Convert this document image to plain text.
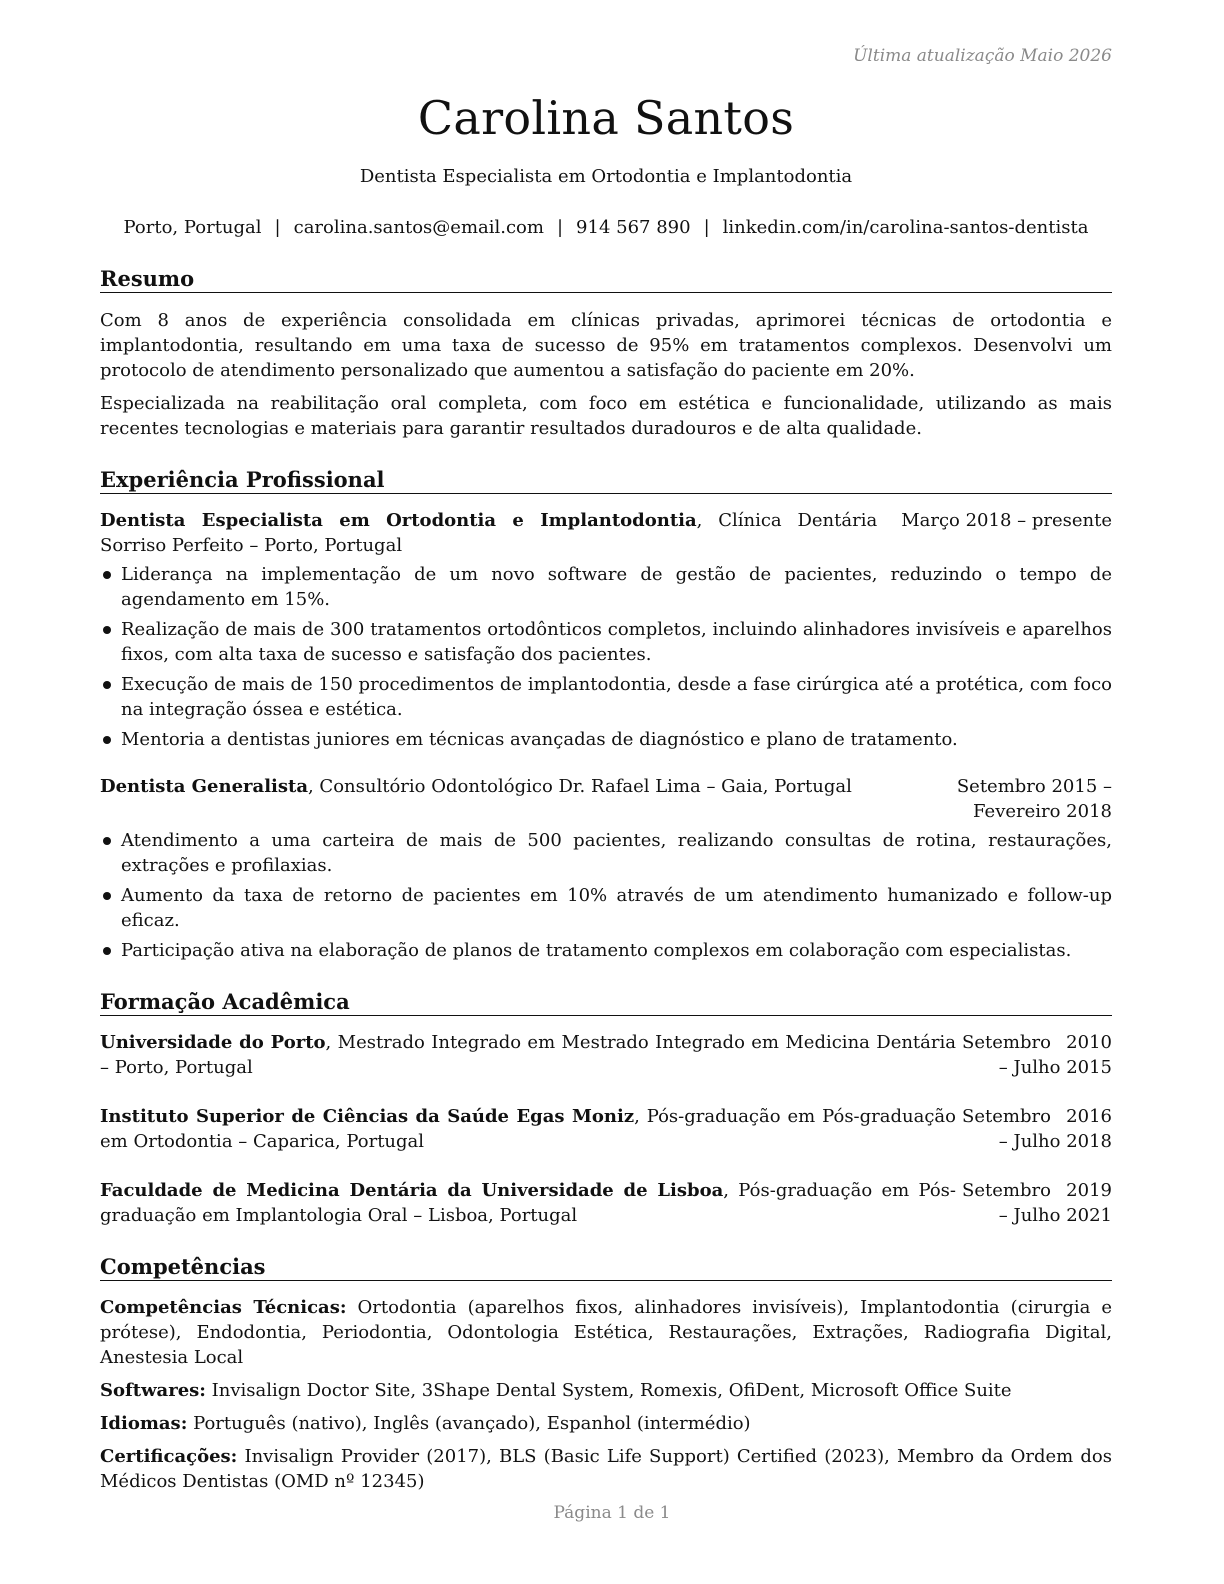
Última atualização Maio 2026
Carolina Santos
Dentista Especialista em Ortodontia e Implantodontia
Porto, Portugal | carolina.santos@email.com | 914 567 890 | linkedin.com/in/carolina-santos-dentista
Resumo
Com 8 anos de experiência consolidada em clínicas privadas, aprimorei técnicas de ortodontia e implantodontia, resultando em uma taxa de sucesso de 95% em tratamentos complexos. Desenvolvi um protocolo de atendimento personalizado que aumentou a satisfação do paciente em 20%.
Especializada na reabilitação oral completa, com foco em estética e funcionalidade, utilizando as mais recentes tecnologias e materiais para garantir resultados duradouros e de alta qualidade.
Experiência Profissional
Dentista Especialista em Ortodontia e Implantodontia, Clínica Dentária Sorriso Perfeito – Porto, Portugal
Março 2018 – presente
Liderança na implementação de um novo software de gestão de pacientes, reduzindo o tempo de agendamento em 15%.
Realização de mais de 300 tratamentos ortodônticos completos, incluindo alinhadores invisíveis e aparelhos fixos, com alta taxa de sucesso e satisfação dos pacientes.
Execução de mais de 150 procedimentos de implantodontia, desde a fase cirúrgica até a protética, com foco na integração óssea e estética.
Mentoria a dentistas juniores em técnicas avançadas de diagnóstico e plano de tratamento.
Dentista Generalista, Consultório Odontológico Dr. Rafael Lima – Gaia, Portugal	Setembro 2015 – Fevereiro 2018
Atendimento a uma carteira de mais de 500 pacientes, realizando consultas de rotina, restaurações, extrações e profilaxias.
Aumento da taxa de retorno de pacientes em 10% através de um atendimento humanizado e follow-up eficaz.
Participação ativa na elaboração de planos de tratamento complexos em colaboração com especialistas.
Formação Acadêmica
Universidade do Porto, Mestrado Integrado em Mestrado Integrado em Medicina Dentária – Porto, Portugal
Setembro 2010 – Julho 2015
Instituto Superior de Ciências da Saúde Egas Moniz, Pós-graduação em Pós-graduação em Ortodontia – Caparica, Portugal
Setembro 2016 – Julho 2018
Faculdade de Medicina Dentária da Universidade de Lisboa, Pós-graduação em Pós-graduação em Implantologia Oral – Lisboa, Portugal
Setembro 2019 – Julho 2021
Competências
Competências Técnicas: Ortodontia (aparelhos fixos, alinhadores invisíveis), Implantodontia (cirurgia e prótese), Endodontia, Periodontia, Odontologia Estética, Restaurações, Extrações, Radiografia Digital, Anestesia Local
Softwares: Invisalign Doctor Site, 3Shape Dental System, Romexis, OfiDent, Microsoft Office Suite
Idiomas: Português (nativo), Inglês (avançado), Espanhol (intermédio)
Certificações: Invisalign Provider (2017), BLS (Basic Life Support) Certified (2023), Membro da Ordem dos Médicos Dentistas (OMD nº 12345)
Página 1 de 1
